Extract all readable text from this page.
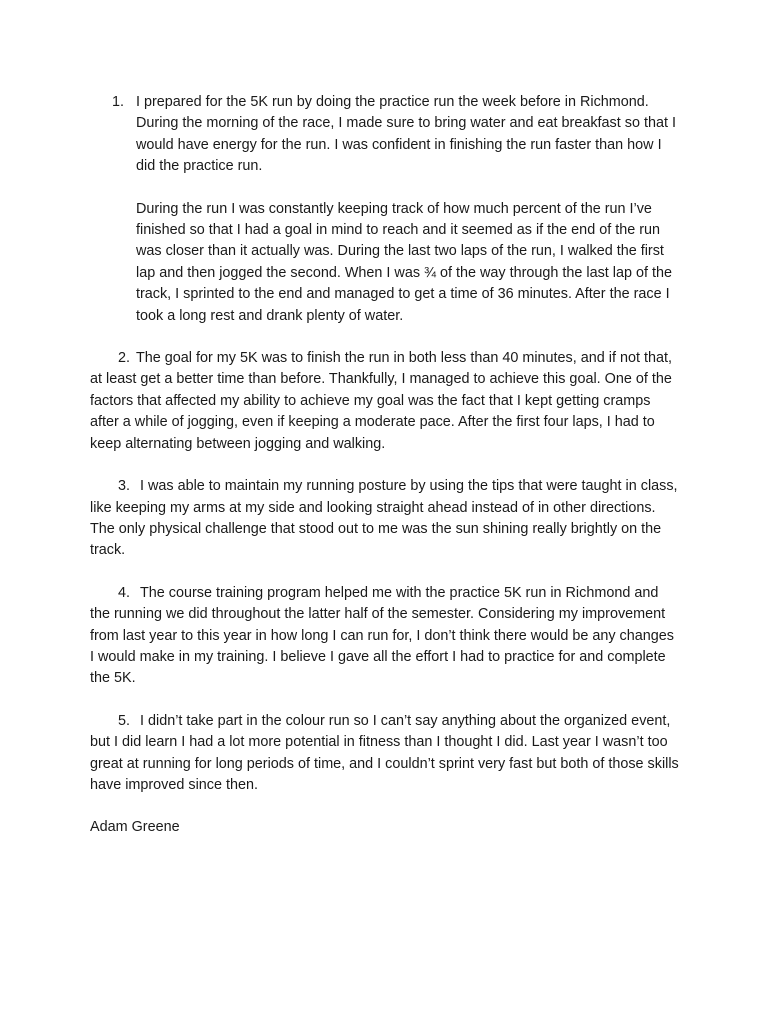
1. I prepared for the 5K run by doing the practice run the week before in Richmond. During the morning of the race, I made sure to bring water and eat breakfast so that I would have energy for the run. I was confident in finishing the run faster than how I did the practice run.

During the run I was constantly keeping track of how much percent of the run I’ve finished so that I had a goal in mind to reach and it seemed as if the end of the run was closer than it actually was. During the last two laps of the run, I walked the first lap and then jogged the second. When I was ¾ of the way through the last lap of the track, I sprinted to the end and managed to get a time of 36 minutes. After the race I took a long rest and drank plenty of water.

2. The goal for my 5K was to finish the run in both less than 40 minutes, and if not that, at least get a better time than before. Thankfully, I managed to achieve this goal. One of the factors that affected my ability to achieve my goal was the fact that I kept getting cramps after a while of jogging, even if keeping a moderate pace. After the first four laps, I had to keep alternating between jogging and walking.

3. I was able to maintain my running posture by using the tips that were taught in class, like keeping my arms at my side and looking straight ahead instead of in other directions. The only physical challenge that stood out to me was the sun shining really brightly on the track.

4. The course training program helped me with the practice 5K run in Richmond and the running we did throughout the latter half of the semester. Considering my improvement from last year to this year in how long I can run for, I don’t think there would be any changes I would make in my training. I believe I gave all the effort I had to practice for and complete the 5K.

5. I didn’t take part in the colour run so I can’t say anything about the organized event, but I did learn I had a lot more potential in fitness than I thought I did. Last year I wasn’t too great at running for long periods of time, and I couldn’t sprint very fast but both of those skills have improved since then.

Adam Greene
